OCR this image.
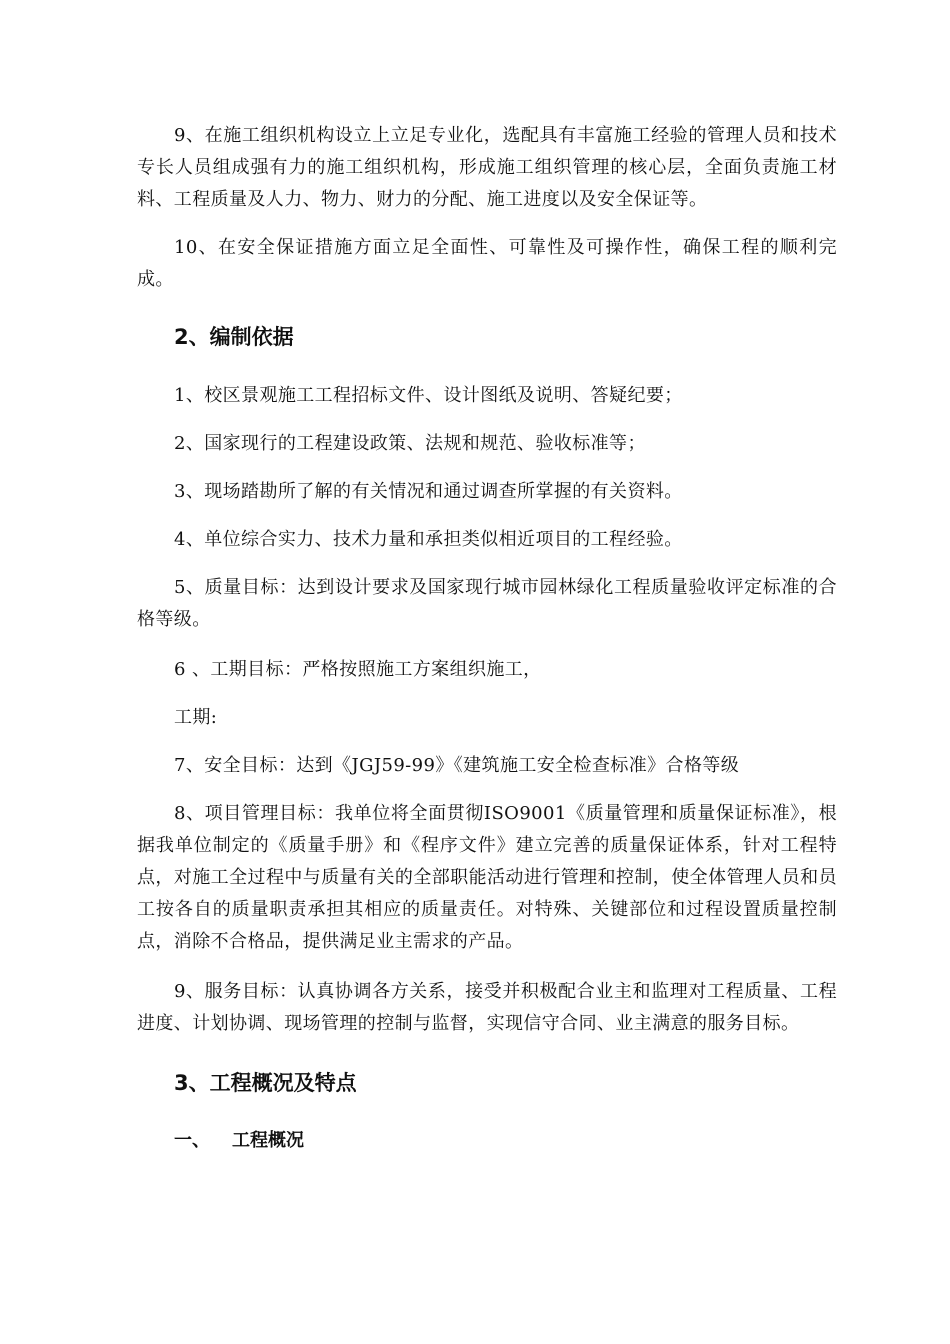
9、在施工组织机构设立上立足专业化，选配具有丰富施工经验的管理人员和技术专长人员组成强有力的施工组织机构，形成施工组织管理的核心层，全面负责施工材料、工程质量及人力、物力、财力的分配、施工进度以及安全保证等。

10、在安全保证措施方面立足全面性、可靠性及可操作性，确保工程的顺利完成。

2、编制依据

1、校区景观施工工程招标文件、设计图纸及说明、答疑纪要；

2、国家现行的工程建设政策、法规和规范、验收标准等；

3、现场踏勘所了解的有关情况和通过调查所掌握的有关资料。

4、单位综合实力、技术力量和承担类似相近项目的工程经验。

5、质量目标：达到设计要求及国家现行城市园林绿化工程质量验收评定标准的合格等级。

6 、工期目标：严格按照施工方案组织施工，

工期:

7、安全目标：达到《JGJ59-99》《建筑施工安全检查标准》合格等级

8、项目管理目标：我单位将全面贯彻ISO9001《质量管理和质量保证标准》，根据我单位制定的《质量手册》和《程序文件》建立完善的质量保证体系，针对工程特点，对施工全过程中与质量有关的全部职能活动进行管理和控制，使全体管理人员和员工按各自的质量职责承担其相应的质量责任。对特殊、关键部位和过程设置质量控制点，消除不合格品，提供满足业主需求的产品。

9、服务目标：认真协调各方关系，接受并积极配合业主和监理对工程质量、工程进度、计划协调、现场管理的控制与监督，实现信守合同、业主满意的服务目标。

3、工程概况及特点
一、 工程概况
